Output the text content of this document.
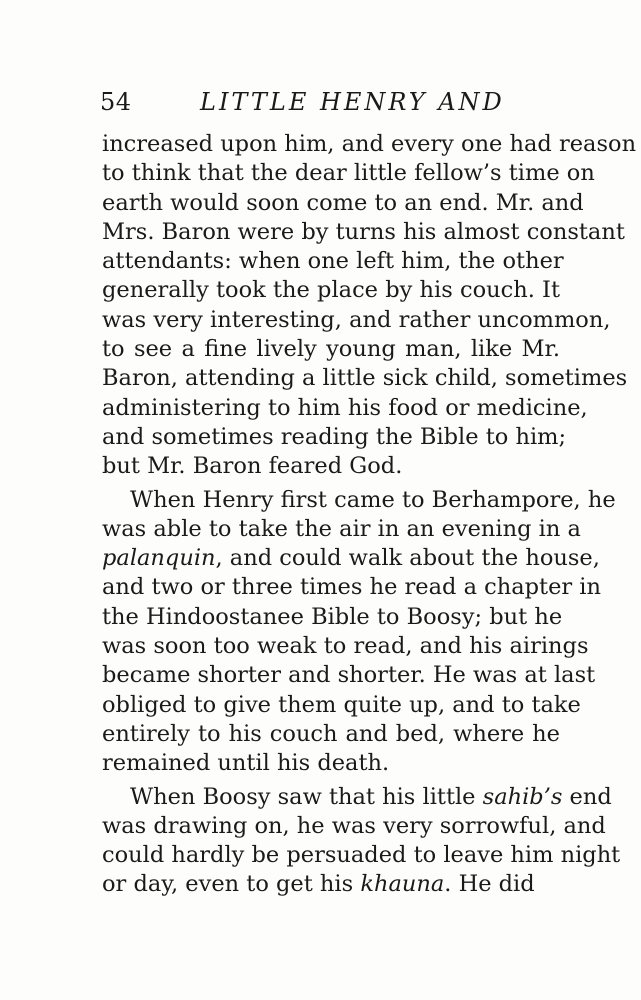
54	LITTLE HENRY AND
increased upon him, and every one had reason
to think that the dear little fellow’s time on
earth would soon come to an end. Mr. and
Mrs. Baron were by turns his almost constant
attendants: when one left him, the other
generally took the place by his couch. It
was very interesting, and rather uncommon,
to see a fine lively young man, like Mr.
Baron, attending a little sick child, sometimes
administering to him his food or medicine,
and sometimes reading the Bible to him;
but Mr. Baron feared God.
When Henry first came to Berhampore, he
was able to take the air in an evening in a
palanquin, and could walk about the house,
and two or three times he read a chapter in
the Hindoostanee Bible to Boosy; but he
was soon too weak to read, and his airings
became shorter and shorter. He was at last
obliged to give them quite up, and to take
entirely to his couch and bed, where he
remained until his death.
When Boosy saw that his little sahib’s end
was drawing on, he was very sorrowful, and
could hardly be persuaded to leave him night
or day, even to get his khauna. He did
